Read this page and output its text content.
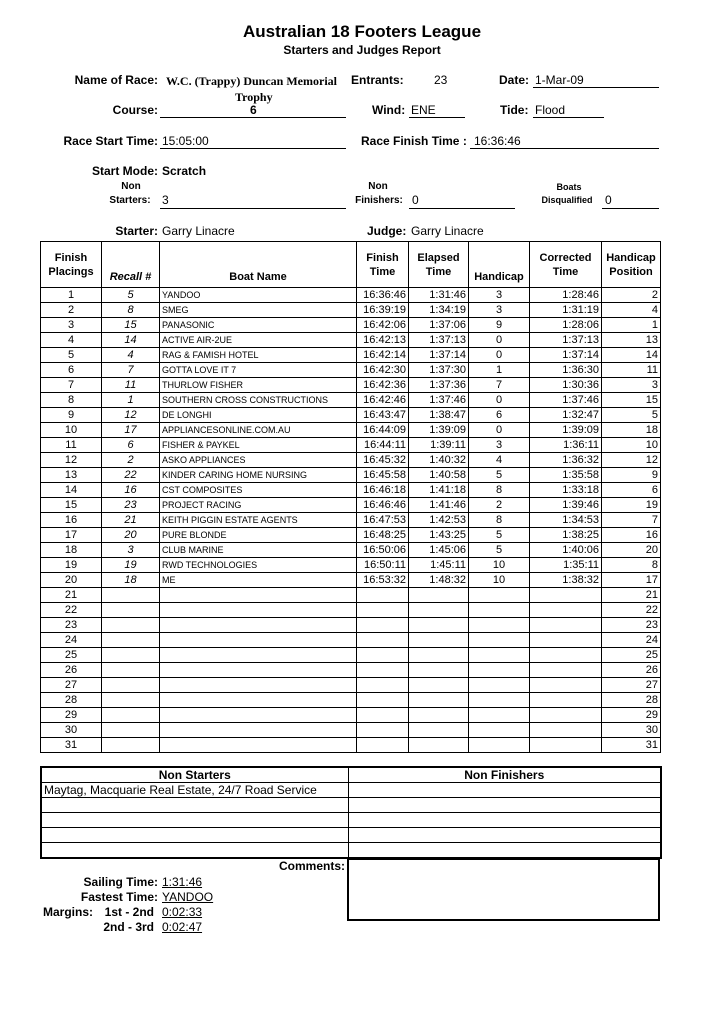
Australian 18 Footers League
Starters and Judges Report
Name of Race: W.C. (Trappy) Duncan Memorial
Trophy
Entrants:	23	Date: 1-Mar-09
Course:	6	Wind: ENE	Tide: Flood
Race Start Time: 15:05:00	Race Finish Time : 16:36:46
Start Mode: Scratch
Non
Starters: 3
Non
Finishers: 0
Boats
Disqualified	0
Starter: Garry Linacre	Judge: Garry Linacre
Finish Placings	Recall #	Boat Name	Finish Time	Elapsed Time	Handicap	Corrected Time	Handicap Position
1	5	YANDOO	16:36:46	1:31:46	3	1:28:46	2
2	8	SMEG	16:39:19	1:34:19	3	1:31:19	4
3	15	PANASONIC	16:42:06	1:37:06	9	1:28:06	1
4	14	ACTIVE AIR-2UE	16:42:13	1:37:13	0	1:37:13	13
5	4	RAG & FAMISH HOTEL	16:42:14	1:37:14	0	1:37:14	14
6	7	GOTTA LOVE IT 7	16:42:30	1:37:30	1	1:36:30	11
7	11	THURLOW FISHER	16:42:36	1:37:36	7	1:30:36	3
8	1	SOUTHERN CROSS CONSTRUCTIONS	16:42:46	1:37:46	0	1:37:46	15
9	12	DE LONGHI	16:43:47	1:38:47	6	1:32:47	5
10	17	APPLIANCESONLINE.COM.AU	16:44:09	1:39:09	0	1:39:09	18
11	6	FISHER & PAYKEL	16:44:11	1:39:11	3	1:36:11	10
12	2	ASKO APPLIANCES	16:45:32	1:40:32	4	1:36:32	12
13	22	KINDER CARING HOME NURSING	16:45:58	1:40:58	5	1:35:58	9
14	16	CST COMPOSITES	16:46:18	1:41:18	8	1:33:18	6
15	23	PROJECT RACING	16:46:46	1:41:46	2	1:39:46	19
16	21	KEITH PIGGIN ESTATE AGENTS	16:47:53	1:42:53	8	1:34:53	7
17	20	PURE BLONDE	16:48:25	1:43:25	5	1:38:25	16
18	3	CLUB MARINE	16:50:06	1:45:06	5	1:40:06	20
19	19	RWD TECHNOLOGIES	16:50:11	1:45:11	10	1:35:11	8
20	18	ME	16:53:32	1:48:32	10	1:38:32	17
21							21
22							22
23							23
24							24
25							25
26							26
27							27
28							28
29							29
30							30
31							31
Non Starters	Non Finishers
Maytag, Macquarie Real Estate, 24/7 Road Service	

Comments:
Sailing Time: 1:31:46
Fastest Time: YANDOO
Margins: 1st - 2nd 0:02:33
2nd - 3rd 0:02:47
